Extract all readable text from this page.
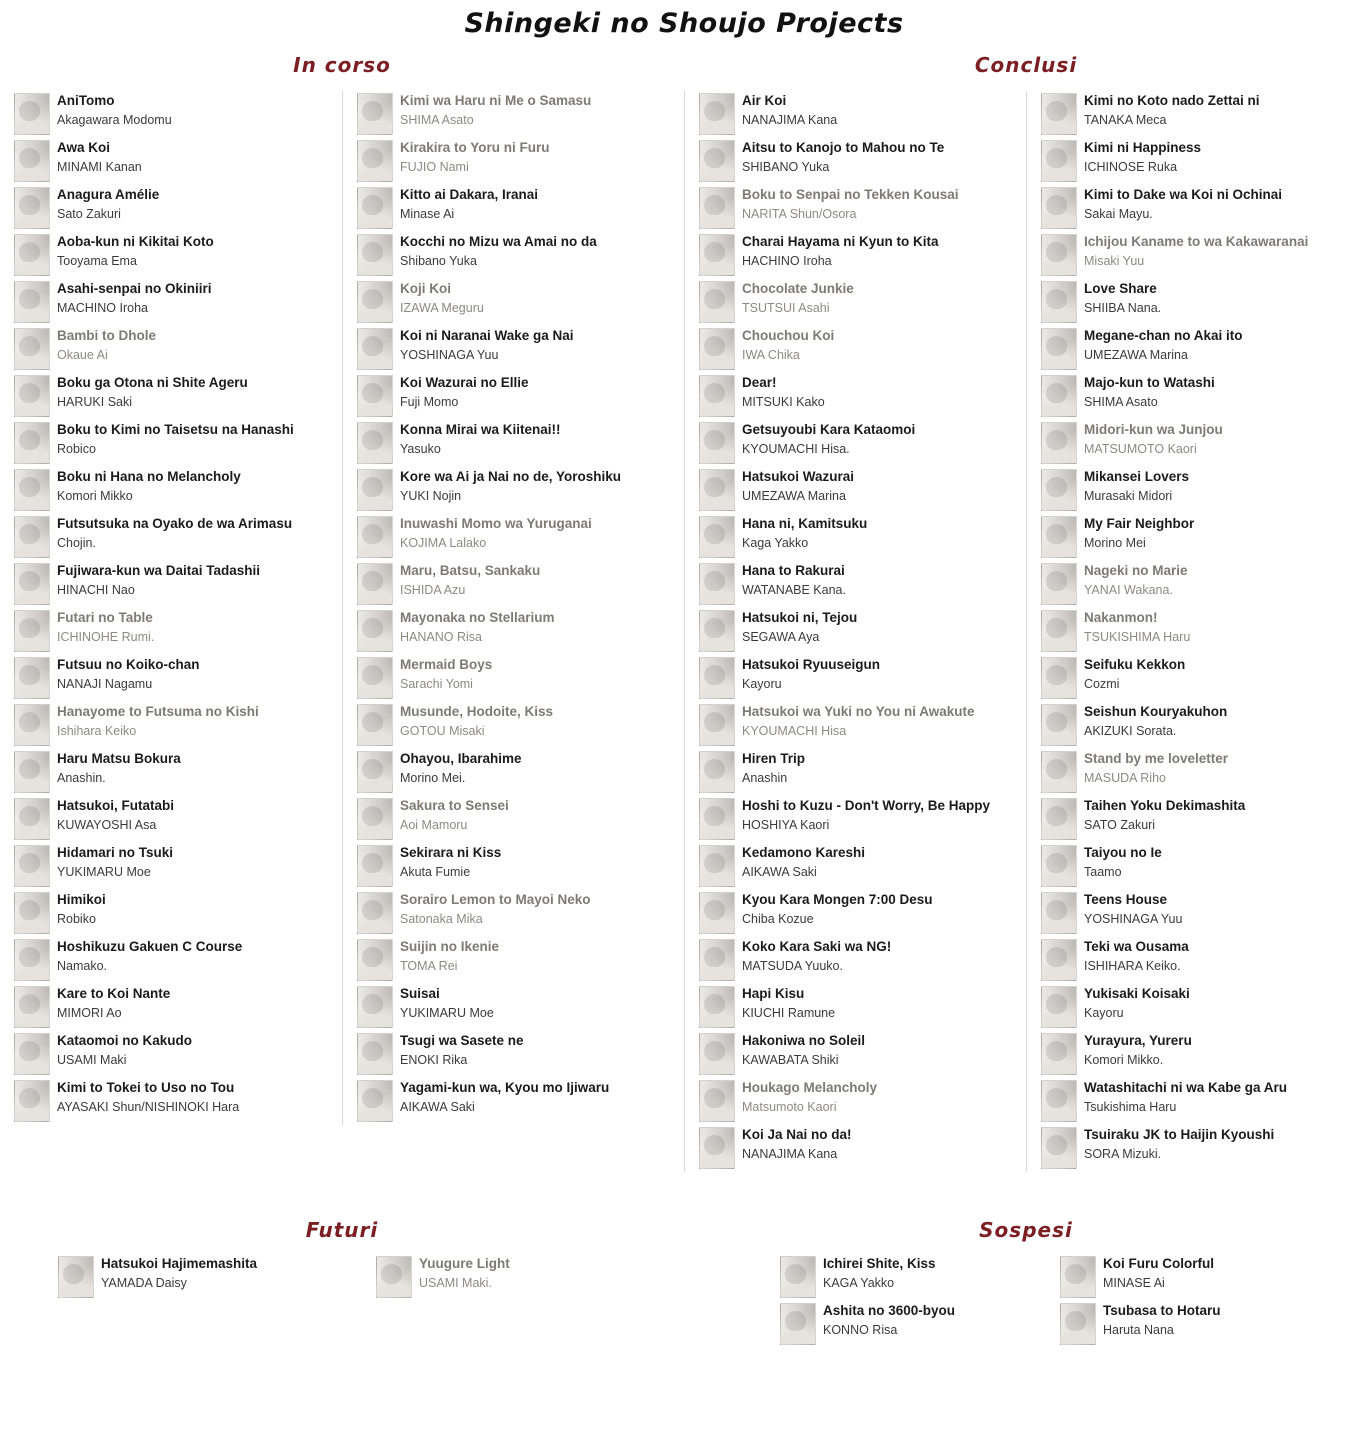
Shingeki no Shoujo Projects
In corso	Conclusi
AniTomo
Akagawara Modomu
Awa Koi
MINAMI Kanan
Anagura Amélie
Sato Zakuri
Aoba-kun ni Kikitai Koto
Tooyama Ema
Asahi-senpai no Okiniiri
MACHINO Iroha
Bambi to Dhole
Okaue Ai
Boku ga Otona ni Shite Ageru
HARUKI Saki
Boku to Kimi no Taisetsu na Hanashi
Robico
Boku ni Hana no Melancholy
Komori Mikko
Futsutsuka na Oyako de wa Arimasu
Chojin.
Fujiwara-kun wa Daitai Tadashii
HINACHI Nao
Futari no Table
ICHINOHE Rumi.
Futsuu no Koiko-chan
NANAJI Nagamu
Hanayome to Futsuma no Kishi
Ishihara Keiko
Haru Matsu Bokura
Anashin.
Hatsukoi, Futatabi
KUWAYOSHI Asa
Hidamari no Tsuki
YUKIMARU Moe
Himikoi
Robiko
Hoshikuzu Gakuen C Course
Namako.
Kare to Koi Nante
MIMORI Ao
Kataomoi no Kakudo
USAMI Maki
Kimi to Tokei to Uso no Tou
AYASAKI Shun/NISHINOKI Hara
Kimi wa Haru ni Me o Samasu
SHIMA Asato
Kirakira to Yoru ni Furu
FUJIO Nami
Kitto ai Dakara, Iranai
Minase Ai
Kocchi no Mizu wa Amai no da
Shibano Yuka
Koji Koi
IZAWA Meguru
Koi ni Naranai Wake ga Nai
YOSHINAGA Yuu
Koi Wazurai no Ellie
Fuji Momo
Konna Mirai wa Kiitenai!!
Yasuko
Kore wa Ai ja Nai no de, Yoroshiku
YUKI Nojin
Inuwashi Momo wa Yuruganai
KOJIMA Lalako
Maru, Batsu, Sankaku
ISHIDA Azu
Mayonaka no Stellarium
HANANO Risa
Mermaid Boys
Sarachi Yomi
Musunde, Hodoite, Kiss
GOTOU Misaki
Ohayou, Ibarahime
Morino Mei.
Sakura to Sensei
Aoi Mamoru
Sekirara ni Kiss
Akuta Fumie
Sorairo Lemon to Mayoi Neko
Satonaka Mika
Suijin no Ikenie
TOMA Rei
Suisai
YUKIMARU Moe
Tsugi wa Sasete ne
ENOKI Rika
Yagami-kun wa, Kyou mo Ijiwaru
AIKAWA Saki
Air Koi
NANAJIMA Kana
Aitsu to Kanojo to Mahou no Te
SHIBANO Yuka
Boku to Senpai no Tekken Kousai
NARITA Shun/Osora
Charai Hayama ni Kyun to Kita
HACHINO Iroha
Chocolate Junkie
TSUTSUI Asahi
Chouchou Koi
IWA Chika
Dear!
MITSUKI Kako
Getsuyoubi Kara Kataomoi
KYOUMACHI Hisa.
Hatsukoi Wazurai
UMEZAWA Marina
Hana ni, Kamitsuku
Kaga Yakko
Hana to Rakurai
WATANABE Kana.
Hatsukoi ni, Tejou
SEGAWA Aya
Hatsukoi Ryuuseigun
Kayoru
Hatsukoi wa Yuki no You ni Awakute
KYOUMACHI Hisa
Hiren Trip
Anashin
Hoshi to Kuzu - Don't Worry, Be Happy
HOSHIYA Kaori
Kedamono Kareshi
AIKAWA Saki
Kyou Kara Mongen 7:00 Desu
Chiba Kozue
Koko Kara Saki wa NG!
MATSUDA Yuuko.
Hapi Kisu
KIUCHI Ramune
Hakoniwa no Soleil
KAWABATA Shiki
Houkago Melancholy
Matsumoto Kaori
Koi Ja Nai no da!
NANAJIMA Kana
Kimi no Koto nado Zettai ni
TANAKA Meca
Kimi ni Happiness
ICHINOSE Ruka
Kimi to Dake wa Koi ni Ochinai
Sakai Mayu.
Ichijou Kaname to wa Kakawaranai
Misaki Yuu
Love Share
SHIIBA Nana.
Megane-chan no Akai ito
UMEZAWA Marina
Majo-kun to Watashi
SHIMA Asato
Midori-kun wa Junjou
MATSUMOTO Kaori
Mikansei Lovers
Murasaki Midori
My Fair Neighbor
Morino Mei
Nageki no Marie
YANAI Wakana.
Nakanmon!
TSUKISHIMA Haru
Seifuku Kekkon
Cozmi
Seishun Kouryakuhon
AKIZUKI Sorata.
Stand by me loveletter
MASUDA Riho
Taihen Yoku Dekimashita
SATO Zakuri
Taiyou no Ie
Taamo
Teens House
YOSHINAGA Yuu
Teki wa Ousama
ISHIHARA Keiko.
Yukisaki Koisaki
Kayoru
Yurayura, Yureru
Komori Mikko.
Watashitachi ni wa Kabe ga Aru
Tsukishima Haru
Tsuiraku JK to Haijin Kyoushi
SORA Mizuki.
Futuri	Sospesi
Hatsukoi Hajimemashita
YAMADA Daisy
Yuugure Light
USAMI Maki.
Ichirei Shite, Kiss
KAGA Yakko
Ashita no 3600-byou
KONNO Risa
Koi Furu Colorful
MINASE Ai
Tsubasa to Hotaru
Haruta Nana
